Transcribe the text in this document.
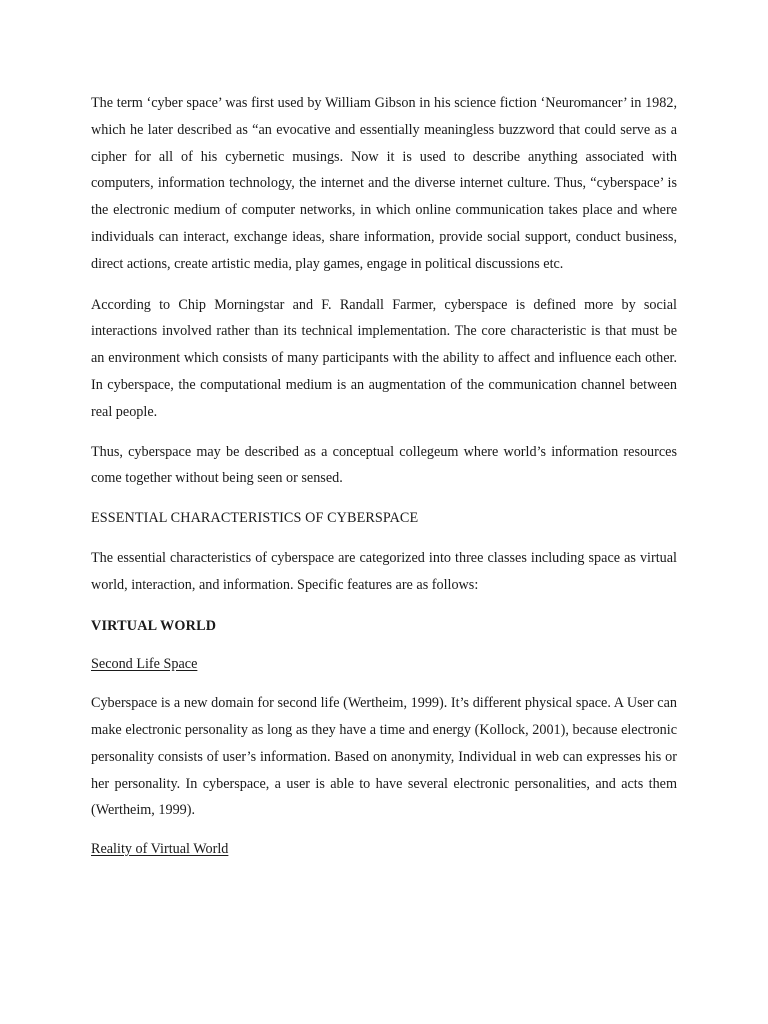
The term ‘cyber space’ was first used by William Gibson in his science fiction ‘Neuromancer’ in 1982, which he later described as “an evocative and essentially meaningless buzzword that could serve as a cipher for all of his cybernetic musings. Now it is used to describe anything associated with computers, information technology, the internet and the diverse internet culture. Thus, “cyberspace’ is the electronic medium of computer networks, in which online communication takes place and where individuals can interact, exchange ideas, share information, provide social support, conduct business, direct actions, create artistic media, play games, engage in political discussions etc.

According to Chip Morningstar and F. Randall Farmer, cyberspace is defined more by social interactions involved rather than its technical implementation. The core characteristic is that must be an environment which consists of many participants with the ability to affect and influence each other. In cyberspace, the computational medium is an augmentation of the communication channel between real people.

Thus, cyberspace may be described as a conceptual collegeum where world’s information resources come together without being seen or sensed.

ESSENTIAL CHARACTERISTICS OF CYBERSPACE

The essential characteristics of cyberspace are categorized into three classes including space as virtual world, interaction, and information. Specific features are as follows:

VIRTUAL WORLD

Second Life Space

Cyberspace is a new domain for second life (Wertheim, 1999). It’s different physical space. A User can make electronic personality as long as they have a time and energy (Kollock, 2001), because electronic personality consists of user’s information. Based on anonymity, Individual in web can expresses his or her personality. In cyberspace, a user is able to have several electronic personalities, and acts them (Wertheim, 1999).

Reality of Virtual World
